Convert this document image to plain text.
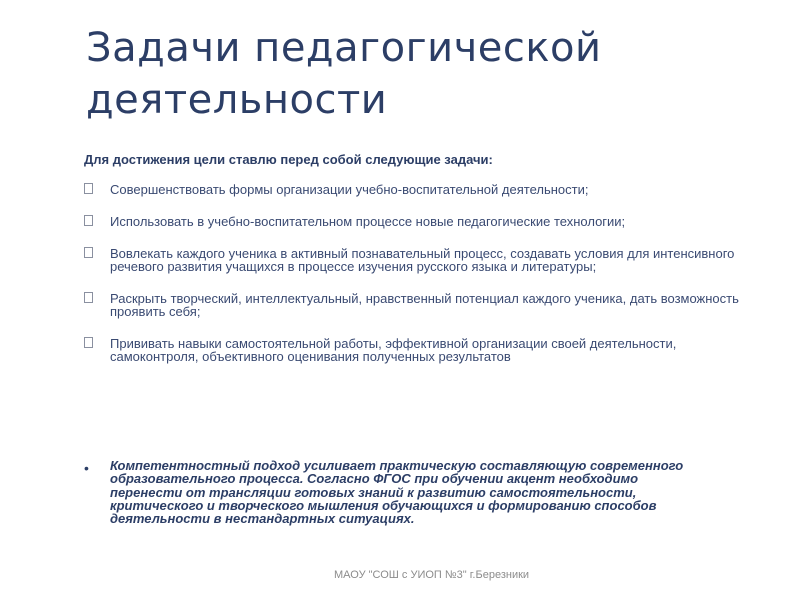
Задачи педагогической деятельности

Для достижения цели ставлю перед собой следующие задачи:

Совершенствовать формы организации учебно-воспитательной деятельности;
Использовать в учебно-воспитательном процессе новые педагогические технологии;
Вовлекать каждого ученика в активный познавательный процесс, создавать условия для интенсивного речевого развития учащихся в процессе изучения русского языка и литературы;
Раскрыть творческий, интеллектуальный, нравственный потенциал каждого ученика, дать возможность проявить себя;
Прививать навыки самостоятельной работы, эффективной организации своей деятельности, самоконтроля, объективного оценивания полученных результатов
• Компетентностный подход усиливает практическую составляющую современного образовательного процесса. Согласно ФГОС при обучении акцент необходимо перенести от трансляции готовых знаний к развитию самостоятельности, критического и творческого мышления обучающихся и формированию способов деятельности в нестандартных ситуациях.

МАОУ "СОШ с УИОП №3" г.Березники
